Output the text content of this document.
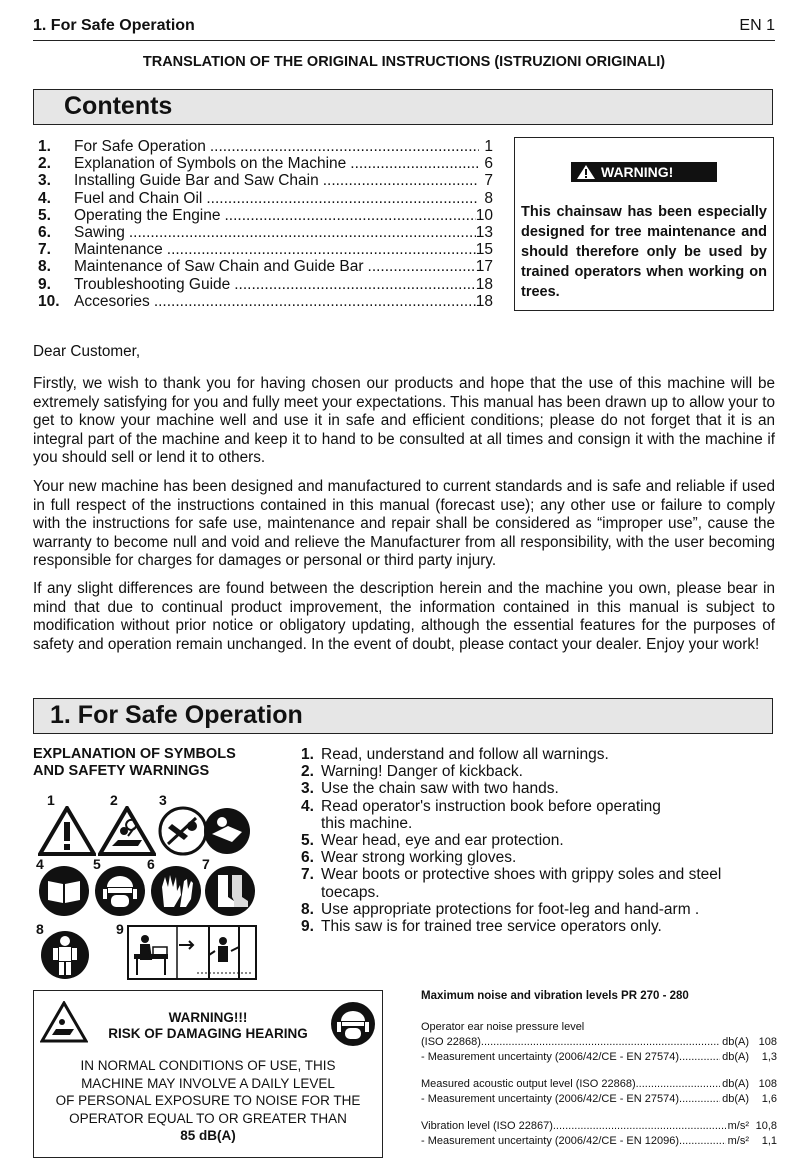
1. For Safe Operation	EN 1
TRANSLATION OF THE ORIGINAL INSTRUCTIONS (ISTRUZIONI ORIGINALI)
Contents
1.	For Safe Operation .....	1
2.	Explanation of Symbols on the Machine .....	6
3.	Installing Guide Bar and Saw Chain .....	7
4.	Fuel and Chain Oil .....	8
5.	Operating the Engine .....	10
6.	Sawing .....	13
7.	Maintenance .....	15
8.	Maintenance of Saw Chain and Guide Bar .....	17
9.	Troubleshooting Guide .....	18
10. Accesories .....	18
WARNING!
This chainsaw has been especially designed for tree maintenance and should therefore only be used by trained operators when working on trees.
Dear Customer,
Firstly, we wish to thank you for having chosen our products and hope that the use of this machine will be extremely satisfying for you and fully meet your expectations. This manual has been drawn up to allow your to get to know your machine well and use it in safe and efficient conditions; please do not forget that it is an integral part of the machine and keep it to hand to be consulted at all times and consign it with the machine if you should sell or lend it to others.
Your new machine has been designed and manufactured to current standards and is safe and reliable if used in full respect of the instructions contained in this manual (forecast use); any other use or failure to comply with the instructions for safe use, maintenance and repair shall be considered as “improper use”, cause the warranty to become null and void and relieve the Manufacturer from all responsibility, with the user becoming responsible for charges for damages or personal or third party injury.
If any slight differences are found between the description herein and the machine you own, please bear in mind that due to continual product improvement, the information contained in this manual is subject to modification without prior notice or obligatory updating, although the essential features for the purposes of safety and operation remain unchanged. In the event of doubt, please contact your dealer. Enjoy your work!
1. For Safe Operation
EXPLANATION OF SYMBOLS
AND SAFETY WARNINGS
1	2	3
4	5	6	7
8	9
1. Read, understand and follow all warnings.
2. Warning! Danger of kickback.
3. Use the chain saw with two hands.
4. Read operator's instruction book before operating
this machine.
5. Wear head, eye and ear protection.
6. Wear strong working gloves.
7. Wear boots or protective shoes with grippy soles and steel
toecaps.
8. Use appropriate protections for foot-leg and hand-arm .
9. This saw is for trained tree service operators only.
WARNING!!!
RISK OF DAMAGING HEARING
IN NORMAL CONDITIONS OF USE, THIS
MACHINE MAY INVOLVE A DAILY LEVEL
OF PERSONAL EXPOSURE TO NOISE FOR THE
OPERATOR EQUAL TO OR GREATER THAN
85 dB(A)
Maximum noise and vibration levels PR 270 - 280
Operator ear noise pressure level
(ISO 22868) .....	db(A) 108
- Measurement uncertainty (2006/42/CE - EN 27574) .....	db(A)	1,3
Measured acoustic output level (ISO 22868) .....	db(A) 108
- Measurement uncertainty (2006/42/CE - EN 27574) .....	db(A)	1,6
Vibration level (ISO 22867) .....	m/s² 10,8
- Measurement uncertainty (2006/42/CE - EN 12096) .....	m/s²	1,1
